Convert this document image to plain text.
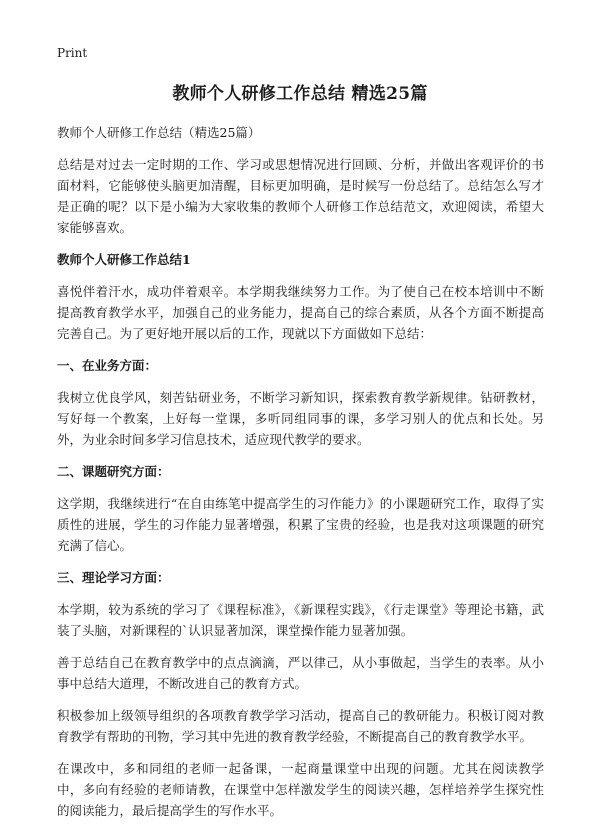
Print
教师个人研修工作总结 精选25篇

教师个人研修工作总结（精选25篇）

总结是对过去一定时期的工作、学习或思想情况进行回顾、分析，并做出客观评价的书面材料，它能够使头脑更加清醒，目标更加明确，是时候写一份总结了。总结怎么写才是正确的呢？以下是小编为大家收集的教师个人研修工作总结范文，欢迎阅读，希望大家能够喜欢。

教师个人研修工作总结1

喜悦伴着汗水，成功伴着艰辛。本学期我继续努力工作。为了使自己在校本培训中不断提高教育教学水平，加强自己的业务能力，提高自己的综合素质，从各个方面不断提高完善自己。为了更好地开展以后的工作，现就以下方面做如下总结：

一、在业务方面：

我树立优良学风，刻苦钻研业务，不断学习新知识，探索教育教学新规律。钻研教材，写好每一个教案，上好每一堂课，多听同组同事的课，多学习别人的优点和长处。另外，为业余时间多学习信息技术，适应现代教学的要求。

二、课题研究方面：

这学期，我继续进行“在自由练笔中提高学生的习作能力》的小课题研究工作，取得了实质性的进展，学生的习作能力显著增强，积累了宝贵的经验，也是我对这项课题的研究充满了信心。

三、理论学习方面：

本学期，较为系统的学习了《课程标准》，《新课程实践》，《行走课堂》等理论书籍，武装了头脑，对新课程的`认识显著加深，课堂操作能力显著加强。

善于总结自己在教育教学中的点点滴滴，严以律己，从小事做起，当学生的表率。从小事中总结大道理，不断改进自己的教育方式。

积极参加上级领导组织的各项教育教学学习活动，提高自己的教研能力。积极订阅对教育教学有帮助的刊物，学习其中先进的教育教学经验，不断提高自己的教育教学水平。

在课改中，多和同组的老师一起备课，一起商量课堂中出现的问题。尤其在阅读教学中，多向有经验的老师请教，在课堂中怎样激发学生的阅读兴趣，怎样培养学生探究性的阅读能力，最后提高学生的写作水平。
